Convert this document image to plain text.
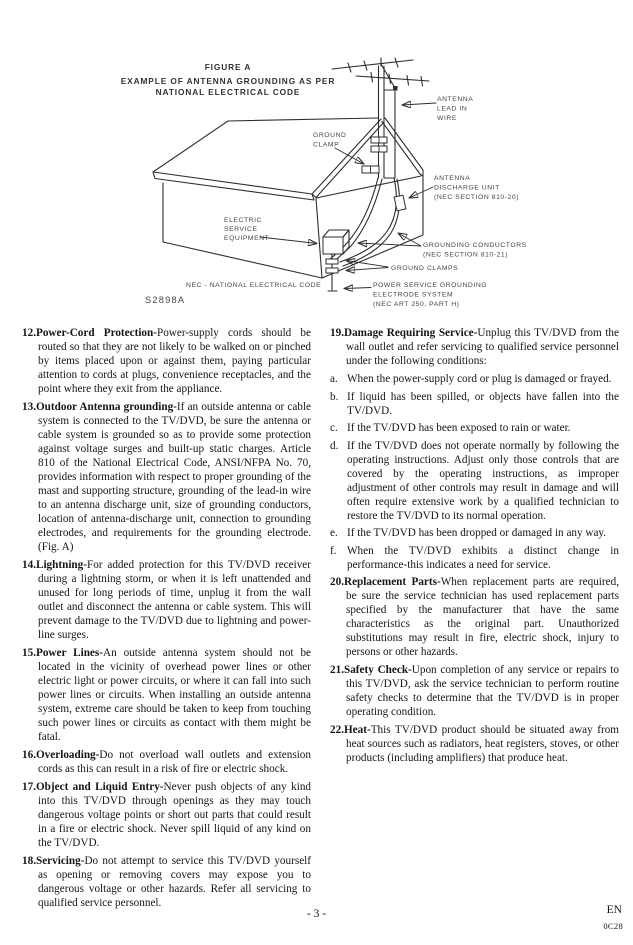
FIGURE A
EXAMPLE OF ANTENNA GROUNDING AS PER
NATIONAL ELECTRICAL CODE
ANTENNA
LEAD IN
WIRE
GROUND
CLAMP
ANTENNA
DISCHARGE UNIT
(NEC SECTION 810-20)
ELECTRIC
SERVICE
EQUIPMENT
GROUNDING CONDUCTORS
(NEC SECTION 810-21)
GROUND CLAMPS
POWER SERVICE GROUNDING
ELECTRODE SYSTEM
(NEC ART 250, PART H)
NEC - NATIONAL ELECTRICAL CODE
S2898A

12.Power-Cord Protection-Power-supply cords should be routed so that they are not likely to be walked on or pinched by items placed upon or against them, paying particular attention to cords at plugs, convenience receptacles, and the point where they exit from the appliance.

13.Outdoor Antenna grounding-If an outside antenna or cable system is connected to the TV/DVD, be sure the antenna or cable system is grounded so as to provide some protection against voltage surges and built-up static charges. Article 810 of the National Electrical Code, ANSI/NFPA No. 70, provides information with respect to proper grounding of the mast and supporting structure, grounding of the lead-in wire to an antenna discharge unit, size of grounding conductors, location of antenna-discharge unit, connection to grounding electrodes, and requirements for the grounding electrode. (Fig. A)

14.Lightning-For added protection for this TV/DVD receiver during a lightning storm, or when it is left unattended and unused for long periods of time, unplug it from the wall outlet and disconnect the antenna or cable system. This will prevent damage to the TV/DVD due to lightning and power-line surges.

15.Power Lines-An outside antenna system should not be located in the vicinity of overhead power lines or other electric light or power circuits, or where it can fall into such power lines or circuits. When installing an outside antenna system, extreme care should be taken to keep from touching such power lines or circuits as contact with them might be fatal.

16.Overloading-Do not overload wall outlets and extension cords as this can result in a risk of fire or electric shock.

17.Object and Liquid Entry-Never push objects of any kind into this TV/DVD through openings as they may touch dangerous voltage points or short out parts that could result in a fire or electric shock. Never spill liquid of any kind on the TV/DVD.

18.Servicing-Do not attempt to service this TV/DVD yourself as opening or removing covers may expose you to dangerous voltage or other hazards. Refer all servicing to qualified service personnel.

19.Damage Requiring Service-Unplug this TV/DVD from the wall outlet and refer servicing to qualified service personnel under the following conditions:

a. When the power-supply cord or plug is damaged or frayed.

b. If liquid has been spilled, or objects have fallen into the TV/DVD.

c. If the TV/DVD has been exposed to rain or water.

d. If the TV/DVD does not operate normally by following the operating instructions. Adjust only those controls that are covered by the operating instructions, as improper adjustment of other controls may result in damage and will often require extensive work by a qualified technician to restore the TV/DVD to its normal operation.

e. If the TV/DVD has been dropped or damaged in any way.

f. When the TV/DVD exhibits a distinct change in performance-this indicates a need for service.

20.Replacement Parts-When replacement parts are required, be sure the service technician has used replacement parts specified by the manufacturer that have the same characteristics as the original part. Unauthorized substitutions may result in fire, electric shock, injury to persons or other hazards.

21.Safety Check-Upon completion of any service or repairs to this TV/DVD, ask the service technician to perform routine safety checks to determine that the TV/DVD is in proper operating condition.

22.Heat-This TV/DVD product should be situated away from heat sources such as radiators, heat registers, stoves, or other products (including amplifiers) that produce heat.

- 3 -	EN
0C28
